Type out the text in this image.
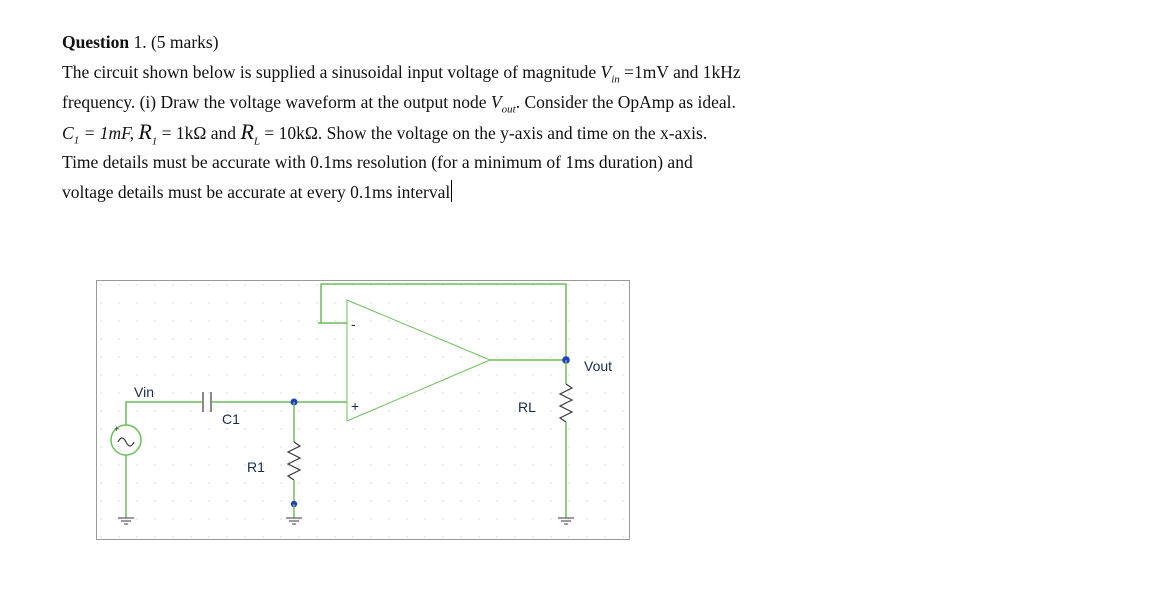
Question 1. (5 marks)
The circuit shown below is supplied a sinusoidal input voltage of magnitude $V_{in} =1mV$ and 1kHz
frequency. (i) Draw the voltage waveform at the output node $V_{out}$. Consider the OpAmp as ideal.
$C_1 = 1mF$, $R_1 = 1k\Omega$ and $R_L = 10k\Omega$. Show the voltage on the y-axis and time on the x-axis.
Time details must be accurate with 0.1ms resolution (for a minimum of 1ms duration) and
voltage details must be accurate at every 0.1ms interval
-
+
Vin
C1
R1
+
Vout
RL
